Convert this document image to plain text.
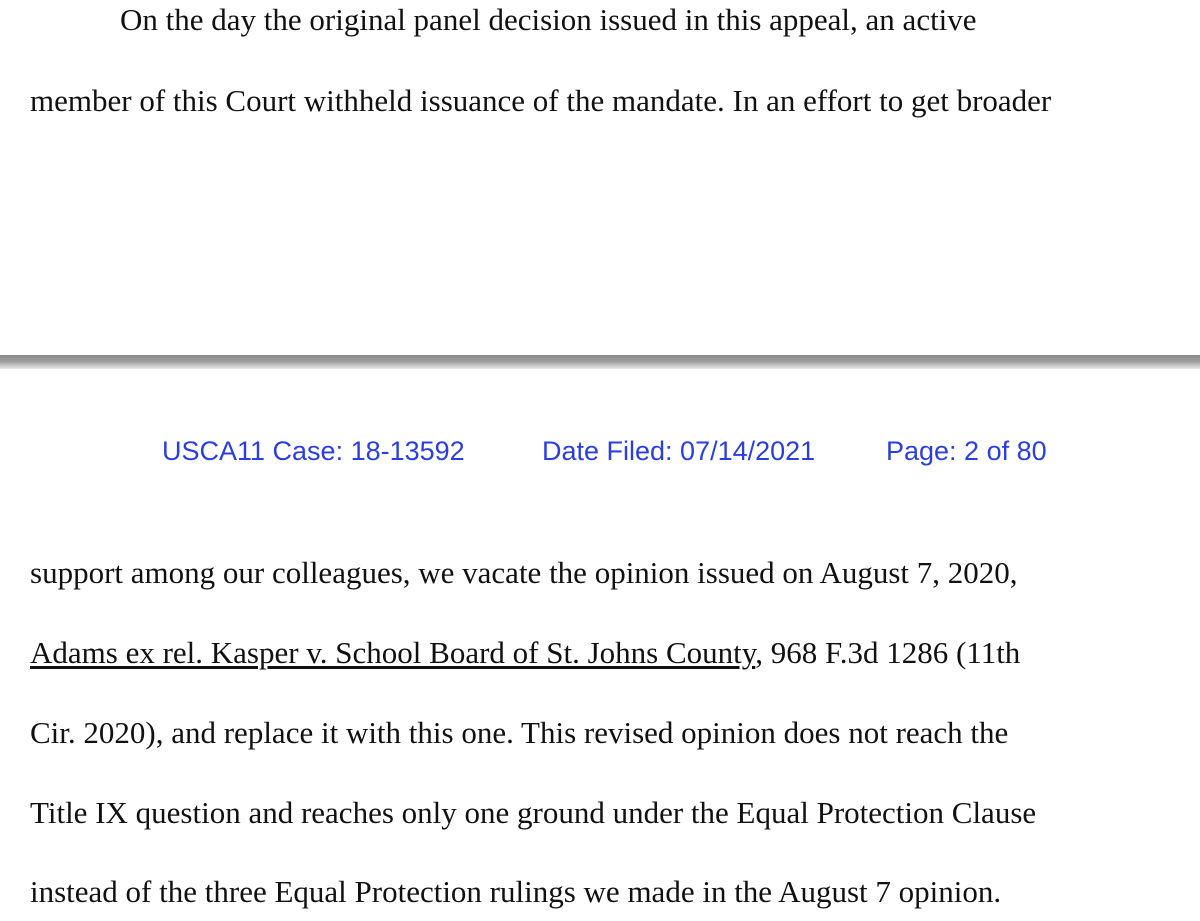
On the day the original panel decision issued in this appeal, an active
member of this Court withheld issuance of the mandate. In an effort to get broader
USCA11 Case: 18-13592	Date Filed: 07/14/2021	Page: 2 of 80
support among our colleagues, we vacate the opinion issued on August 7, 2020,
Adams ex rel. Kasper v. School Board of St. Johns County, 968 F.3d 1286 (11th
Cir. 2020), and replace it with this one. This revised opinion does not reach the
Title IX question and reaches only one ground under the Equal Protection Clause
instead of the three Equal Protection rulings we made in the August 7 opinion.
